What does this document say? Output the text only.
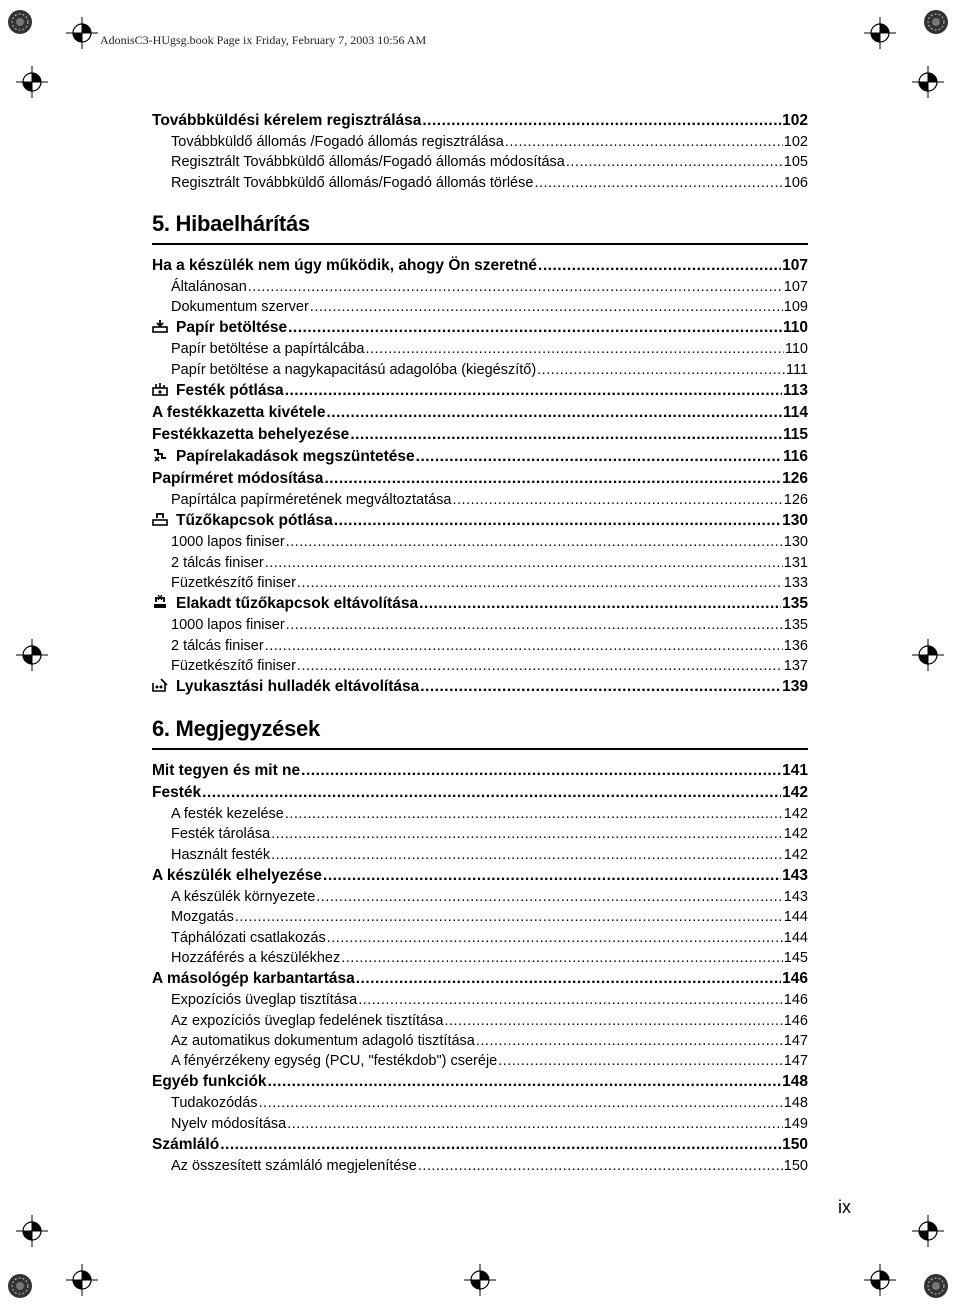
AdonisC3-HUgsg.book Page ix Friday, February 7, 2003 10:56 AM
Továbbküldési kérelem regisztrálása .....	102
Továbbküldő állomás /Fogadó állomás regisztrálása .....	102
Regisztrált Továbbküldő állomás/Fogadó állomás módosítása .....	105
Regisztrált Továbbküldő állomás/Fogadó állomás törlése .....	106
5. Hibaelhárítás
Ha a készülék nem úgy működik, ahogy Ön szeretné .....	107
Általánosan .....	107
Dokumentum szerver .....	109
Papír betöltése .....	110
Papír betöltése a papírtálcába .....	110
Papír betöltése a nagykapacitású adagolóba (kiegészítő) .....	111
Festék pótlása .....	113
A festékkazetta kivétele .....	114
Festékkazetta behelyezése .....	115
Papírelakadások megszüntetése .....	116
Papírméret módosítása .....	126
Papírtálca papírméretének megváltoztatása .....	126
Tűzőkapcsok pótlása .....	130
1000 lapos finiser .....	130
2 tálcás finiser .....	131
Füzetkészítő finiser .....	133
Elakadt tűzőkapcsok eltávolítása .....	135
1000 lapos finiser .....	135
2 tálcás finiser .....	136
Füzetkészítő finiser .....	137
Lyukasztási hulladék eltávolítása .....	139
6. Megjegyzések
Mit tegyen és mit ne .....	141
Festék .....	142
A festék kezelése .....	142
Festék tárolása .....	142
Használt festék .....	142
A készülék elhelyezése .....	143
A készülék környezete .....	143
Mozgatás .....	144
Táphálózati csatlakozás .....	144
Hozzáférés a készülékhez .....	145
A másológép karbantartása .....	146
Expozíciós üveglap tisztítása .....	146
Az expozíciós üveglap fedelének tisztítása .....	146
Az automatikus dokumentum adagoló tisztítása .....	147
A fényérzékeny egység (PCU, "festékdob") cseréje .....	147
Egyéb funkciók .....	148
Tudakozódás .....	148
Nyelv módosítása .....	149
Számláló .....	150
Az összesített számláló megjelenítése .....	150
ix
